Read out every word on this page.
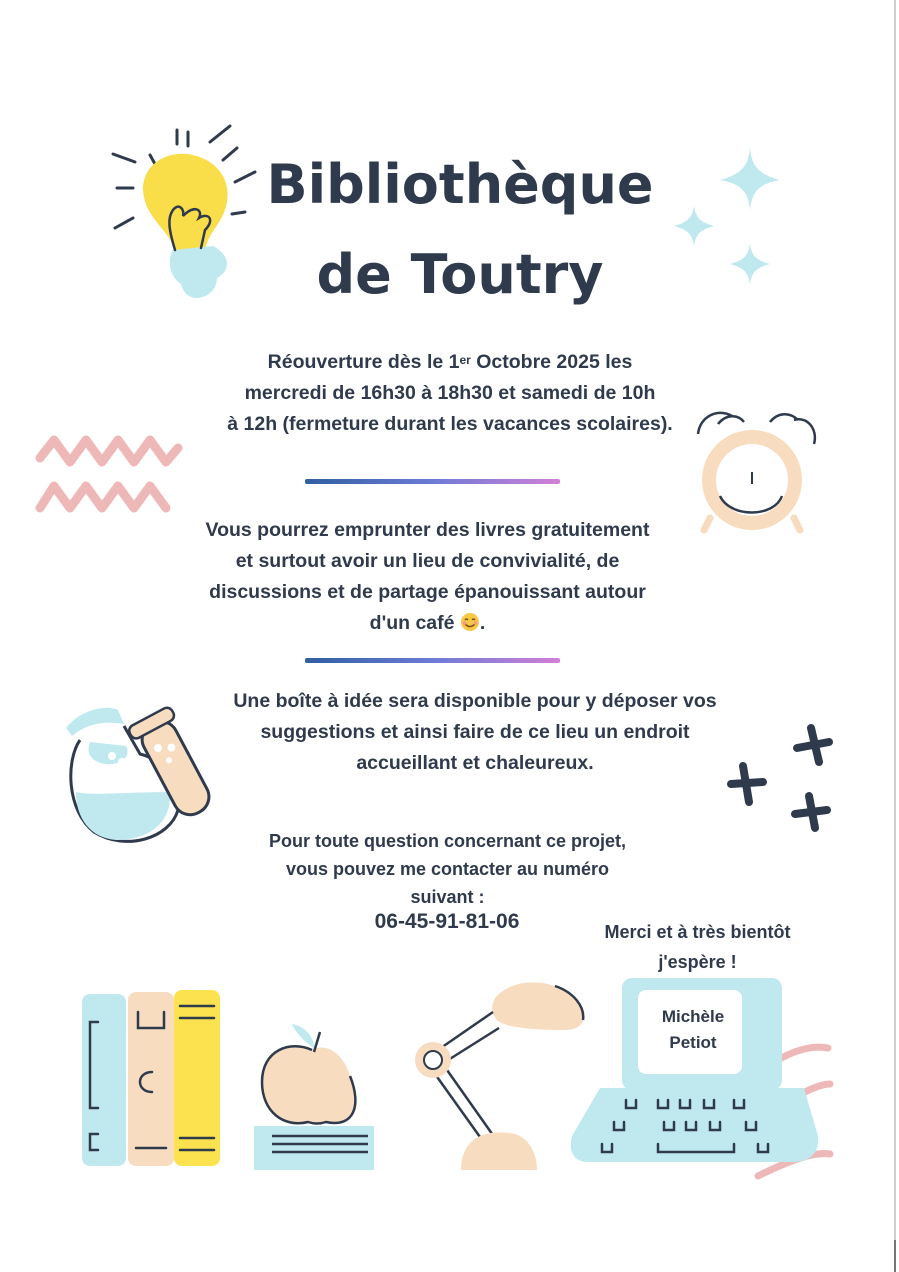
Bibliothèque
de Toutry

Réouverture dès le 1er Octobre 2025 les
mercredi de 16h30 à 18h30 et samedi de 10h
à 12h (fermeture durant les vacances scolaires).

Vous pourrez emprunter des livres gratuitement
et surtout avoir un lieu de convivialité, de
discussions et de partage épanouissant autour
d'un café .

Une boîte à idée sera disponible pour y déposer vos
suggestions et ainsi faire de ce lieu un endroit
accueillant et chaleureux.

Pour toute question concernant ce projet,
vous pouvez me contacter au numéro
suivant :

06-45-91-81-06	Merci et à très bientôt
j'espère !
Michèle
Petiot
